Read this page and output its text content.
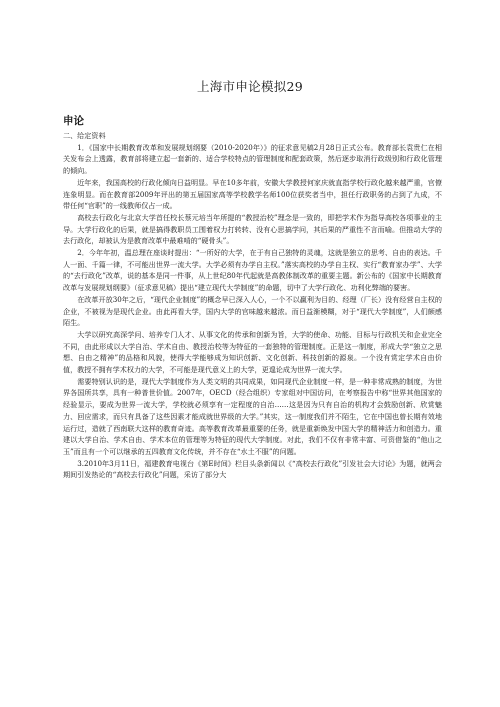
上海市申论模拟29
申论

二、给定资料

1．《国家中长期教育改革和发展规划纲要（2010-2020年）》的征求意见稿2月28日正式公布。教育部长袁贵仁在相关发布会上透露，教育部将建立起一套新的、适合学校特点的管理制度和配套政策，然后逐步取消行政级别和行政化管理的倾向。

近年来，我国高校的行政化倾向日益明显。早在10多年前，安徽大学教授何家庆就直指学校行政化越来越严重，官僚连象明显。而在教育部2009年评出的第五届国家高等学校教学名师100位获奖者当中，担任行政职务的占到了九成，不带任何“官职”的一线教师仅占一成。

高校去行政化与北京大学首任校长蔡元培当年所提的“教授治校”理念是一致的，即把学术作为指导高校各项事业的主导。大学行政化的后果，就是搞得教职员工围着权力打转转、没有心思搞学问，其后果的严重性不言而喻。但推动大学的去行政化，却被认为是教育改革中最难啃的“硬骨头”。

2．今年年初，温总理在座谈时提出：“一所好的大学，在于有自己独特的灵魂，这就是独立的思考、自由的表达。千人一面、千篇一律，不可能出世界一流大学。大学必须有办学自主权。”落实高校的办学自主权、实行“教育家办学”、大学的“去行政化”改革，说的基本是同一件事，从上世纪80年代起就是高教体制改革的重要主题。新公布的《国家中长期教育改革与发展规划纲要》（征求意见稿）提出“建立现代大学制度”的命题，切中了大学行政化、功利化弊端的要害。

在改革开放30年之后，“现代企业制度”的概念早已深入人心，一个不以赢利为目的、经理（厂长）没有经营自主权的企业，不被视为是现代企业。由此再看大学，国内大学的官味越来越浓。而日益渐模糊，对于“现代大学制度”，人们颇感陌生。

大学以研究高深学问、培养专门人才、从事文化的传承和创新为旨，大学的使命、功能、目标与行政机关和企业完全不同，由此形成以大学自治、学术自由、教授治校等为特征的一套独特的管理制度。正是这一制度，形成大学“独立之思想、自由之精神”的品格和风貌，使得大学能够成为知识创新、文化创新、科技创新的源泉。一个没有赏定学术自由价值，教授不拥有学术权力的大学，不可能是现代意义上的大学，更遑论成为世界一流大学。

需要特别认识的是，现代大学制度作为人类文明的共同成果，如同现代企业制度一样，是一种非常成熟的制度，为世界各国所共享，具有一种普世价值。2007年，OECD（经合组织）专家组对中国访问，在考察报告中称“世界其他国家的经验显示，要成为世界一流大学，学校就必须享有一定程度的自治……这是因为只有自治的机构才会鼓励创新、欣赏魅力、回应需求，而只有具备了这些因素才能成就世界级的大学。”其实，这一制度我们并不陌生，它在中国也曾长期有效地运行过，造就了西南联大这样的教育奇迹。高等教育改革最重要的任务，就是重新焕发中国大学的精神活力和创造力。重建以大学自治、学术自由、学术本位的管理等为特征的现代大学制度。对此，我们不仅有非常丰富、可资借鉴的“他山之玉”而且有一个可以继承的五四教育文化传统，并不存在“水土不服”的问题。

3.2010年3月11日，福建教育电视台《第E时间》栏目头条新闻以《“高校去行政化”引发社会大讨论》为题，就两会期间引发热论的“高校去行政化”问题，采访了部分大
